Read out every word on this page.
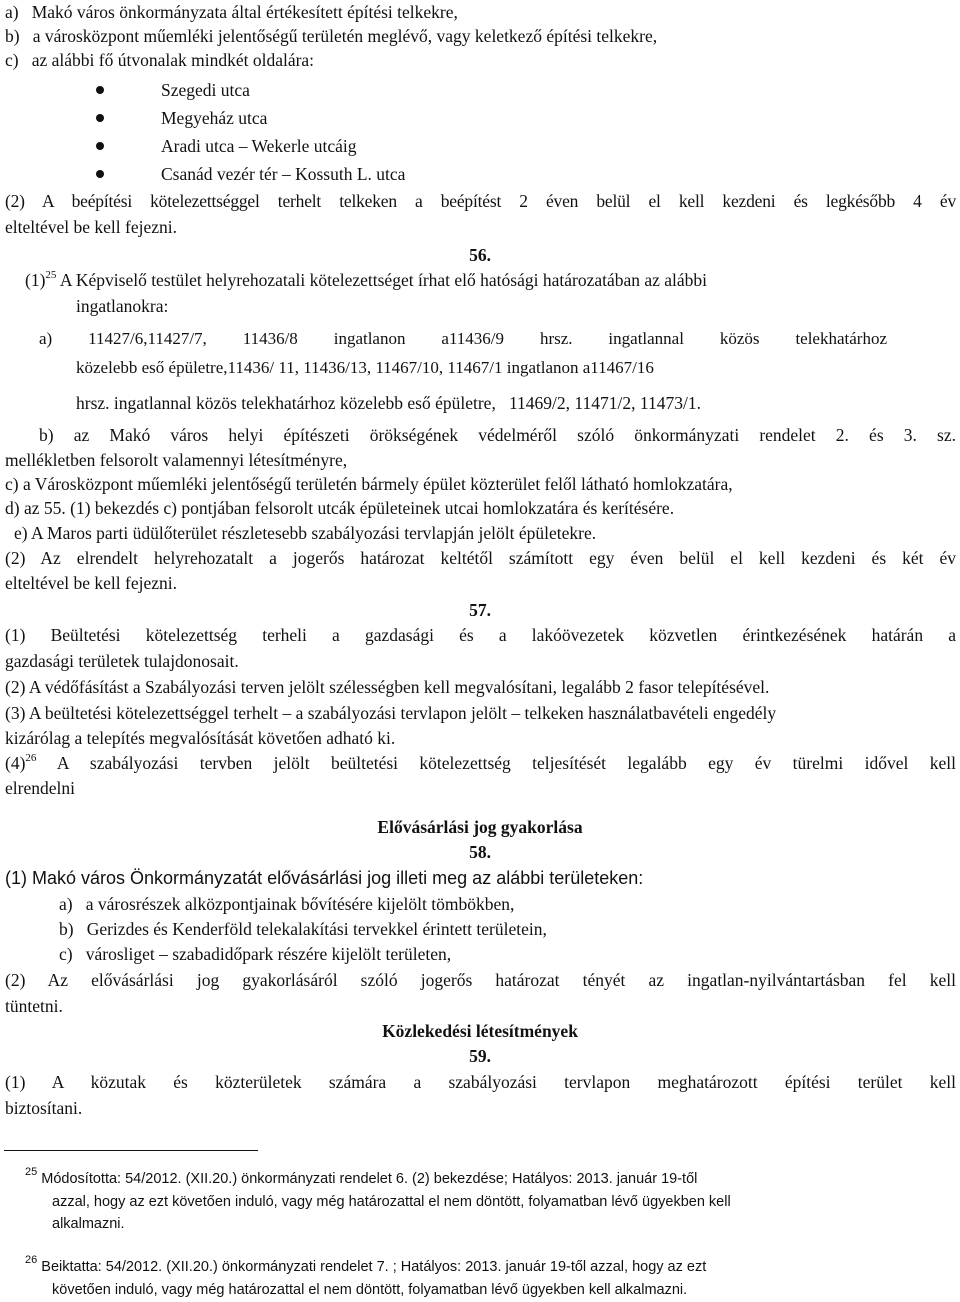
a)   Makó város önkormányzata által értékesített építési telkekre,
b)   a városközpont műemléki jelentőségű területén meglévő, vagy keletkező építési telkekre,
c)   az alábbi fő útvonalak mindkét oldalára:
Szegedi utca
Megyeház utca
Aradi utca – Wekerle utcáig
Csanád vezér tér – Kossuth L. utca
(2) A beépítési kötelezettséggel terhelt telkeken a beépítést 2 éven belül el kell kezdeni és legkésőbb 4 év
elteltével be kell fejezni.
56.
$(1)^{25}$ A Képviselő testület helyrehozatali kötelezettséget írhat elő hatósági határozatában az alábbi
ingatlanokra:
a) 11427/6,11427/7, 11436/8 ingatlanon a11436/9 hrsz. ingatlannal közös telekhatárhoz
közelebb eső épületre,11436/ 11, 11436/13, 11467/10, 11467/1 ingatlanon a11467/16
hrsz. ingatlannal közös telekhatárhoz közelebb eső épületre,   11469/2, 11471/2, 11473/1.
b) az Makó város helyi építészeti örökségének védelméről szóló önkormányzati rendelet 2. és 3. sz.
mellékletben felsorolt valamennyi létesítményre,
c) a Városközpont műemléki jelentőségű területén bármely épület közterület felől látható homlokzatára,
d) az 55. (1) bekezdés c) pontjában felsorolt utcák épületeinek utcai homlokzatára és kerítésére.
e) A Maros parti üdülőterület részletesebb szabályozási tervlapján jelölt épületekre.
(2) Az elrendelt helyrehozatalt a jogerős határozat keltétől számított egy éven belül el kell kezdeni és két év
elteltével be kell fejezni.
57.
(1) Beültetési kötelezettség terheli a gazdasági és a lakóövezetek közvetlen érintkezésének határán a
gazdasági területek tulajdonosait.
(2) A védőfásítást a Szabályozási terven jelölt szélességben kell megvalósítani, legalább 2 fasor telepítésével.
(3) A beültetési kötelezettséggel terhelt – a szabályozási tervlapon jelölt – telkeken használatbavételi engedély
kizárólag a telepítés megvalósítását követően adható ki.
$(4)^{26}$ A szabályozási tervben jelölt beültetési kötelezettség teljesítését legalább egy év türelmi idővel kell
elrendelni
Elővásárlási jog gyakorlása
58.
(1) Makó város Önkormányzatát elővásárlási jog illeti meg az alábbi területeken:
a)   a városrészek alközpontjainak bővítésére kijelölt tömbökben,
b)   Gerizdes és Kenderföld telekalakítási tervekkel érintett területein,
c)   városliget – szabadidőpark részére kijelölt területen,
(2) Az elővásárlási jog gyakorlásáról szóló jogerős határozat tényét az ingatlan-nyilvántartásban fel kell
tüntetni.
Közlekedési létesítmények
59.
(1) A közutak és közterületek számára a szabályozási tervlapon meghatározott építési terület kell
biztosítani.
$^{25}$ Módosította: 54/2012. (XII.20.) önkormányzati rendelet 6. (2) bekezdése; Hatályos: 2013. január 19-től
azzal, hogy az ezt követően induló, vagy még határozattal el nem döntött, folyamatban lévő ügyekben kell
alkalmazni.
$^{26}$ Beiktatta: 54/2012. (XII.20.) önkormányzati rendelet 7. ; Hatályos: 2013. január 19-től azzal, hogy az ezt
követően induló, vagy még határozattal el nem döntött, folyamatban lévő ügyekben kell alkalmazni.
